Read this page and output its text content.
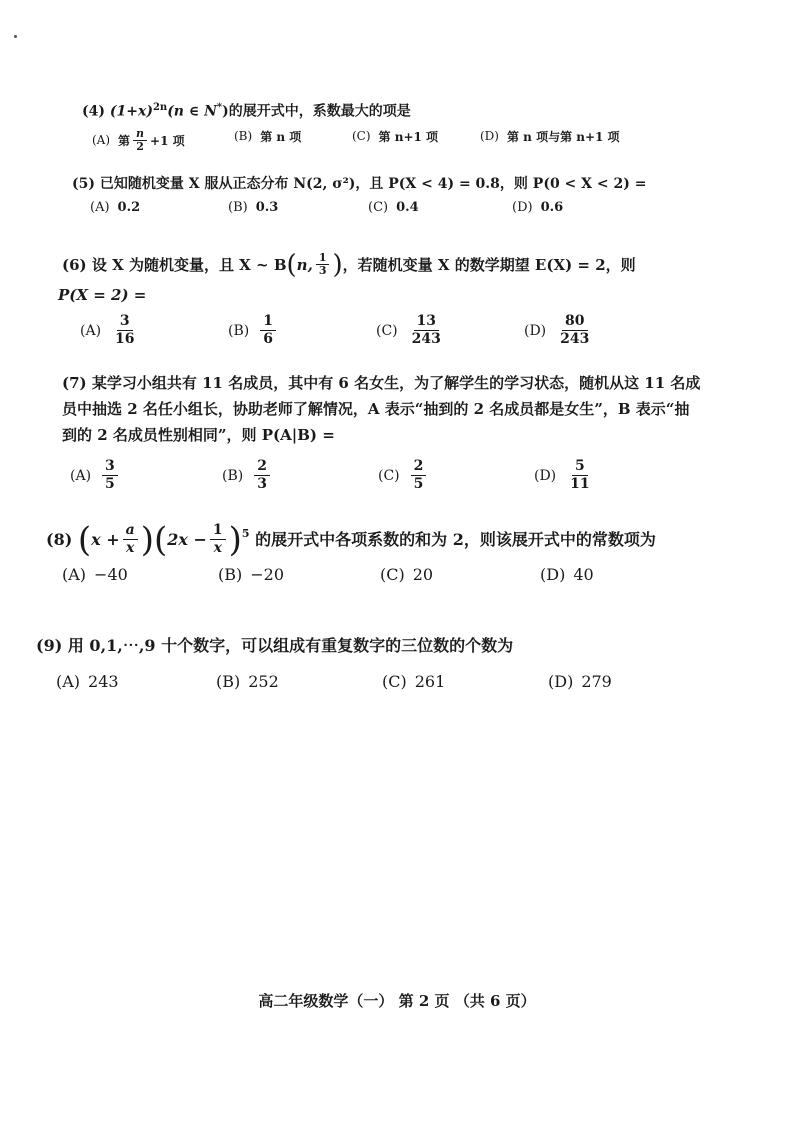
(4) $(1+x)^{2n}(n$ ∈ N*)的展开式中，系数最大的项是
(A) 第 $\frac{n}{2} +1$ 项	(B) 第 n 项	(C) 第 n+1 项	(D) 第 n 项与第 n+1 项
(5) 已知随机变量 X 服从正态分布 N(2, σ²)，且 P(X < 4) = 0.8，则 P(0 < X < 2) =
(A) 0.2	(B) 0.3	(C) 0.4	(D) 0.6
(6)
设 X 为随机变量，且 X ~ B ( n, $\frac{1}{3}$ ) ，若随机变量 X 的数学期望 E(X) = 2，则
P(X = 2) =
$(A) \frac{3}{16}$	$(B) \frac{1}{6}$	$(C) \frac{13}{243}$	$(D) \frac{80}{243}$
(7) 某学习小组共有 11 名成员，其中有 6 名女生，为了解学生的学习状态，随机从这 11 名成员中抽选 2 名任小组长，协助老师了解情况，A 表示“抽到的 2 名成员都是女生”，B 表示“抽到的 2 名成员性别相同”，则 P(A|B) =
$(A) \frac{3}{5}$	$(B) \frac{2}{3}$	$(C) \frac{2}{5}$	$(D) \frac{5}{11}$
(8)
( $x + \frac{a}{x}$ ) ( $2x - \frac{1}{x} )^5$
的展开式中各项系数的和为 2，则该展开式中的常数项为
(A) −40	(B) −20	(C) 20	(D) 40
(9) 用 0,1,⋯,9 十个数字，可以组成有重复数字的三位数的个数为
(A) 243	(B) 252	(C) 261	(D) 279
高二年级数学（一） 第 2 页 （共 6 页）
